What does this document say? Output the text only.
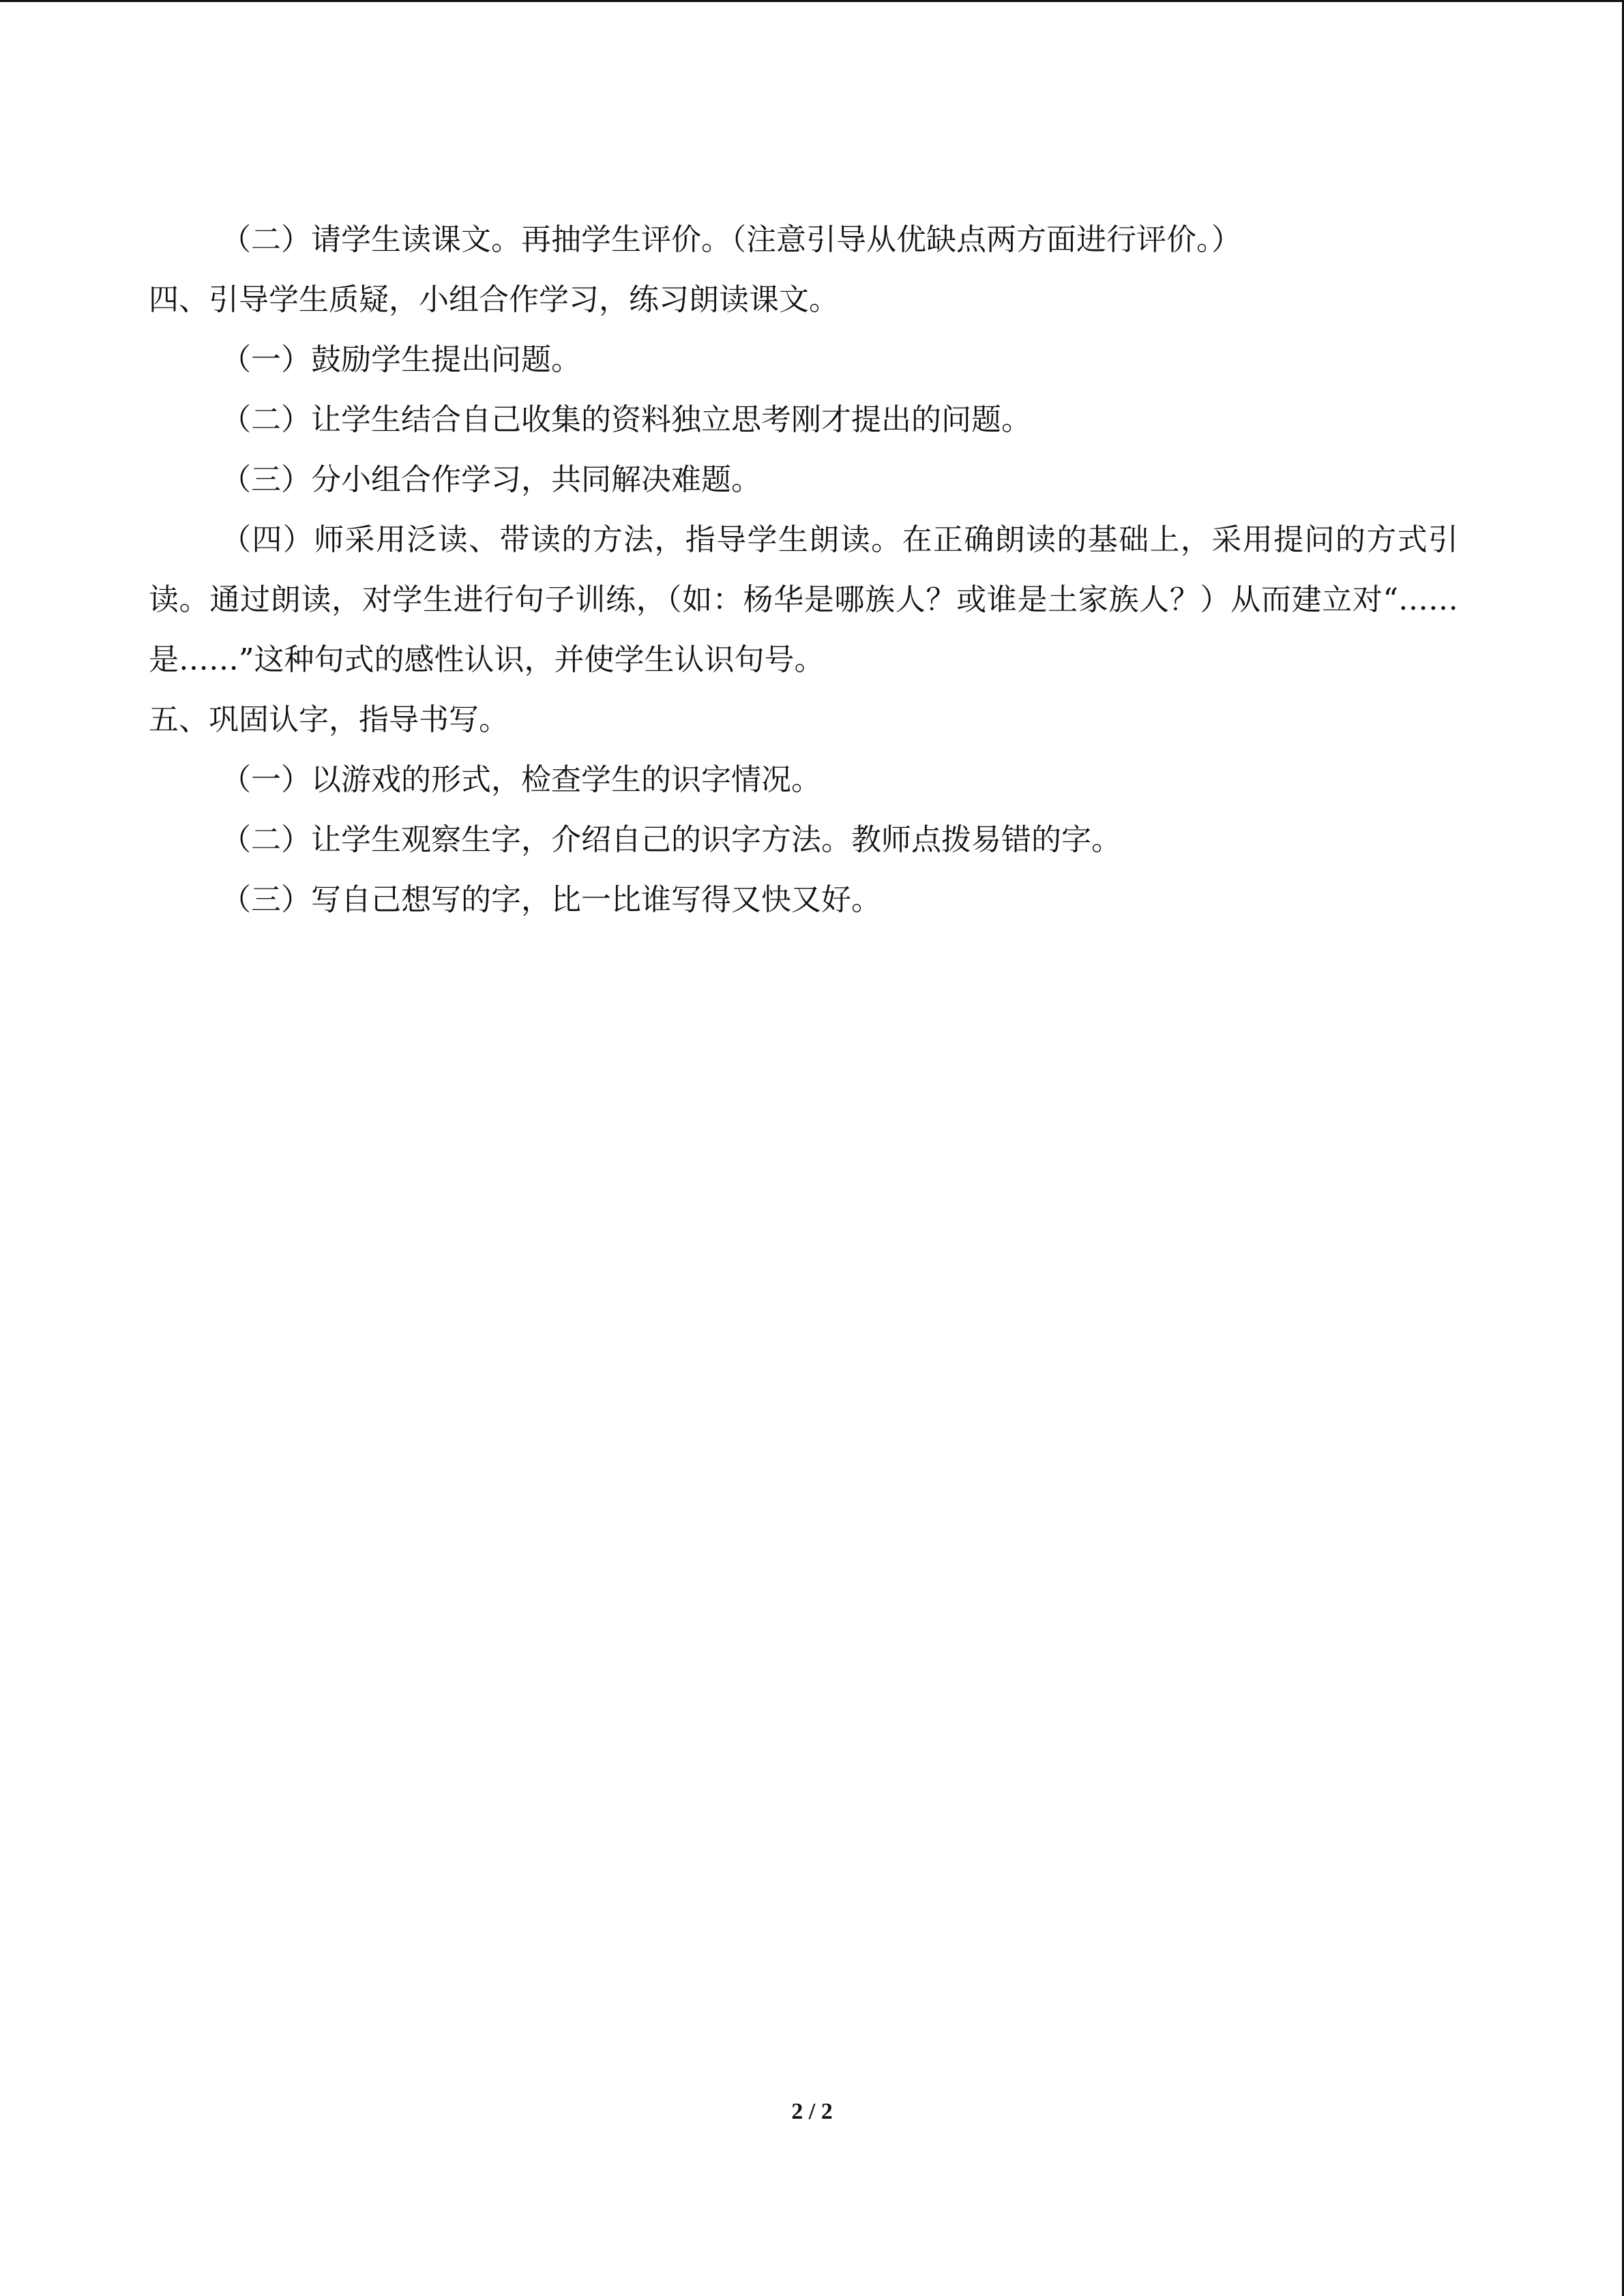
（二）请学生读课文。再抽学生评价。（注意引导从优缺点两方面进行评价。）
四、引导学生质疑，小组合作学习，练习朗读课文。
（一）鼓励学生提出问题。
（二）让学生结合自己收集的资料独立思考刚才提出的问题。
（三）分小组合作学习，共同解决难题。
（四）师采用泛读、带读的方法，指导学生朗读。在正确朗读的基础上，采用提问的方式引读。通过朗读，对学生进行句子训练，（如：杨华是哪族人？或谁是土家族人？）从而建立对“……是……”这种句式的感性认识，并使学生认识句号。
五、巩固认字，指导书写。
（一）以游戏的形式，检查学生的识字情况。
（二）让学生观察生字，介绍自己的识字方法。教师点拨易错的字。
（三）写自己想写的字，比一比谁写得又快又好。
2 / 2
